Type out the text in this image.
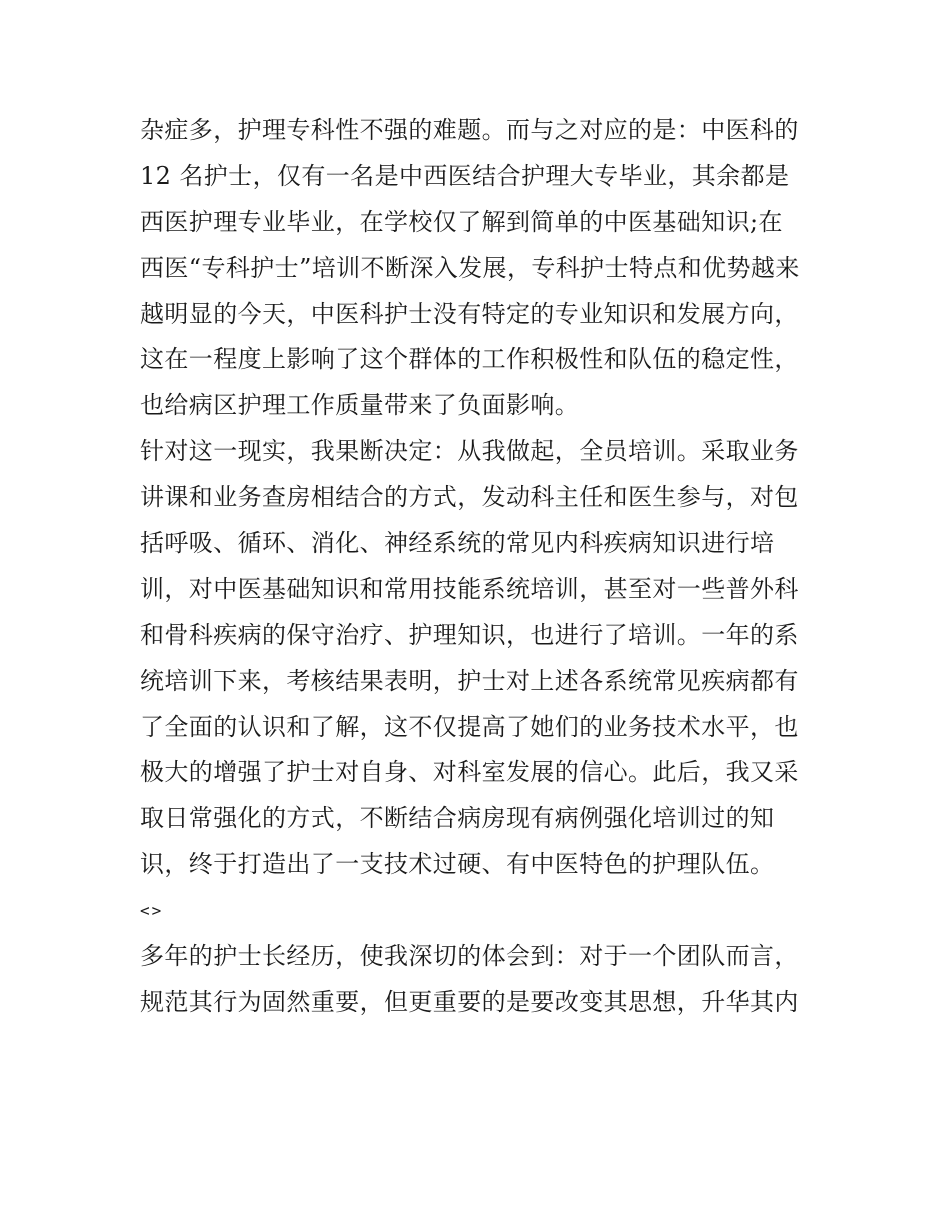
杂症多，护理专科性不强的难题。而与之对应的是：中医科的
12 名护士，仅有一名是中西医结合护理大专毕业，其余都是
西医护理专业毕业，在学校仅了解到简单的中医基础知识;在
西医“专科护士”培训不断深入发展，专科护士特点和优势越来
越明显的今天，中医科护士没有特定的专业知识和发展方向，
这在一程度上影响了这个群体的工作积极性和队伍的稳定性，
也给病区护理工作质量带来了负面影响。
针对这一现实，我果断决定：从我做起，全员培训。采取业务
讲课和业务查房相结合的方式，发动科主任和医生参与，对包
括呼吸、循环、消化、神经系统的常见内科疾病知识进行培
训，对中医基础知识和常用技能系统培训，甚至对一些普外科
和骨科疾病的保守治疗、护理知识，也进行了培训。一年的系
统培训下来，考核结果表明，护士对上述各系统常见疾病都有
了全面的认识和了解，这不仅提高了她们的业务技术水平，也
极大的增强了护士对自身、对科室发展的信心。此后，我又采
取日常强化的方式，不断结合病房现有病例强化培训过的知
识，终于打造出了一支技术过硬、有中医特色的护理队伍。
<>
多年的护士长经历，使我深切的体会到：对于一个团队而言，
规范其行为固然重要，但更重要的是要改变其思想，升华其内
